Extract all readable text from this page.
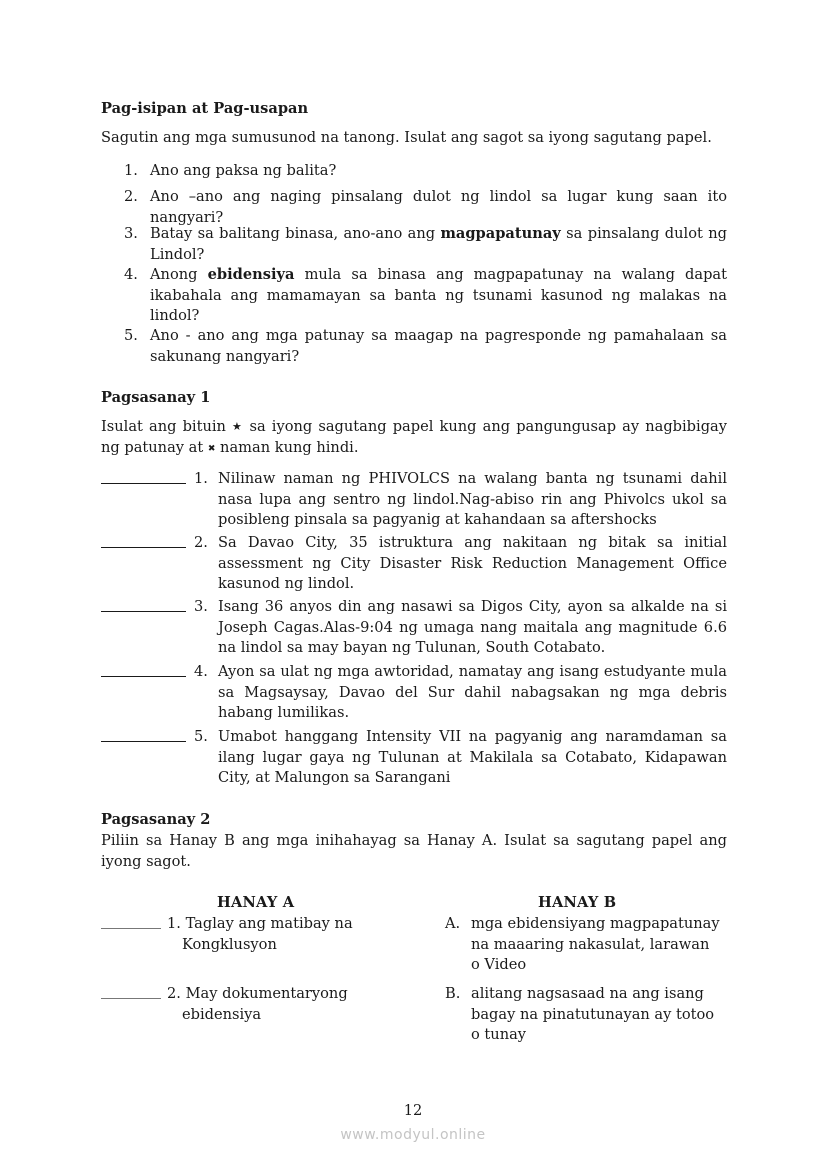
Pag-isipan at Pag-usapan
Sagutin ang mga sumusunod na tanong. Isulat ang sagot sa iyong sagutang papel.
1. Ano ang paksa ng balita?
2. Ano –ano ang naging pinsalang dulot ng lindol sa lugar kung saan ito nangyari?
3. Batay sa balitang binasa, ano-ano ang magpapatunay sa pinsalang dulot ng Lindol?
4. Anong ebidensiya mula sa binasa ang magpapatunay na walang dapat ikabahala ang mamamayan sa banta ng tsunami kasunod ng malakas na lindol?
5. Ano - ano ang mga patunay sa maagap na pagresponde ng pamahalaan sa sakunang nangyari?
Pagsasanay 1
Isulat ang bituin ★ sa iyong sagutang papel kung ang pangungusap ay nagbibigay ng patunay at ✖ naman kung hindi.
1. Nilinaw naman ng PHIVOLCS na walang banta ng tsunami dahil nasa lupa ang sentro ng lindol.Nag-abiso rin ang Phivolcs ukol sa posibleng pinsala sa pagyanig at kahandaan sa aftershocks
2. Sa Davao City, 35 istruktura ang nakitaan ng bitak sa initial assessment ng City Disaster Risk Reduction Management Office kasunod ng lindol.
3. Isang 36 anyos din ang nasawi sa Digos City, ayon sa alkalde na si Joseph Cagas.Alas-9:04 ng umaga nang maitala ang magnitude 6.6 na lindol sa may bayan ng Tulunan, South Cotabato.
4. Ayon sa ulat ng mga awtoridad, namatay ang isang estudyante mula sa Magsaysay, Davao del Sur dahil nabagsakan ng mga debris habang lumilikas.
5. Umabot hanggang Intensity VII na pagyanig ang naramdaman sa ilang lugar gaya ng Tulunan at Makilala sa Cotabato, Kidapawan City, at Malungon sa Sarangani
Pagsasanay 2
Piliin sa Hanay B ang mga inihahayag sa Hanay A. Isulat sa sagutang papel ang iyong sagot.
HANAY A	HANAY B
1. Taglay ang matibay na
Kongklusyon
2. May dokumentaryong
ebidensiya
A. mga ebidensiyang magpapatunay
na maaaring nakasulat, larawan
o Video
B. alitang nagsasaad na ang isang
bagay na pinatutunayan ay totoo
o tunay
12
www.modyul.online
